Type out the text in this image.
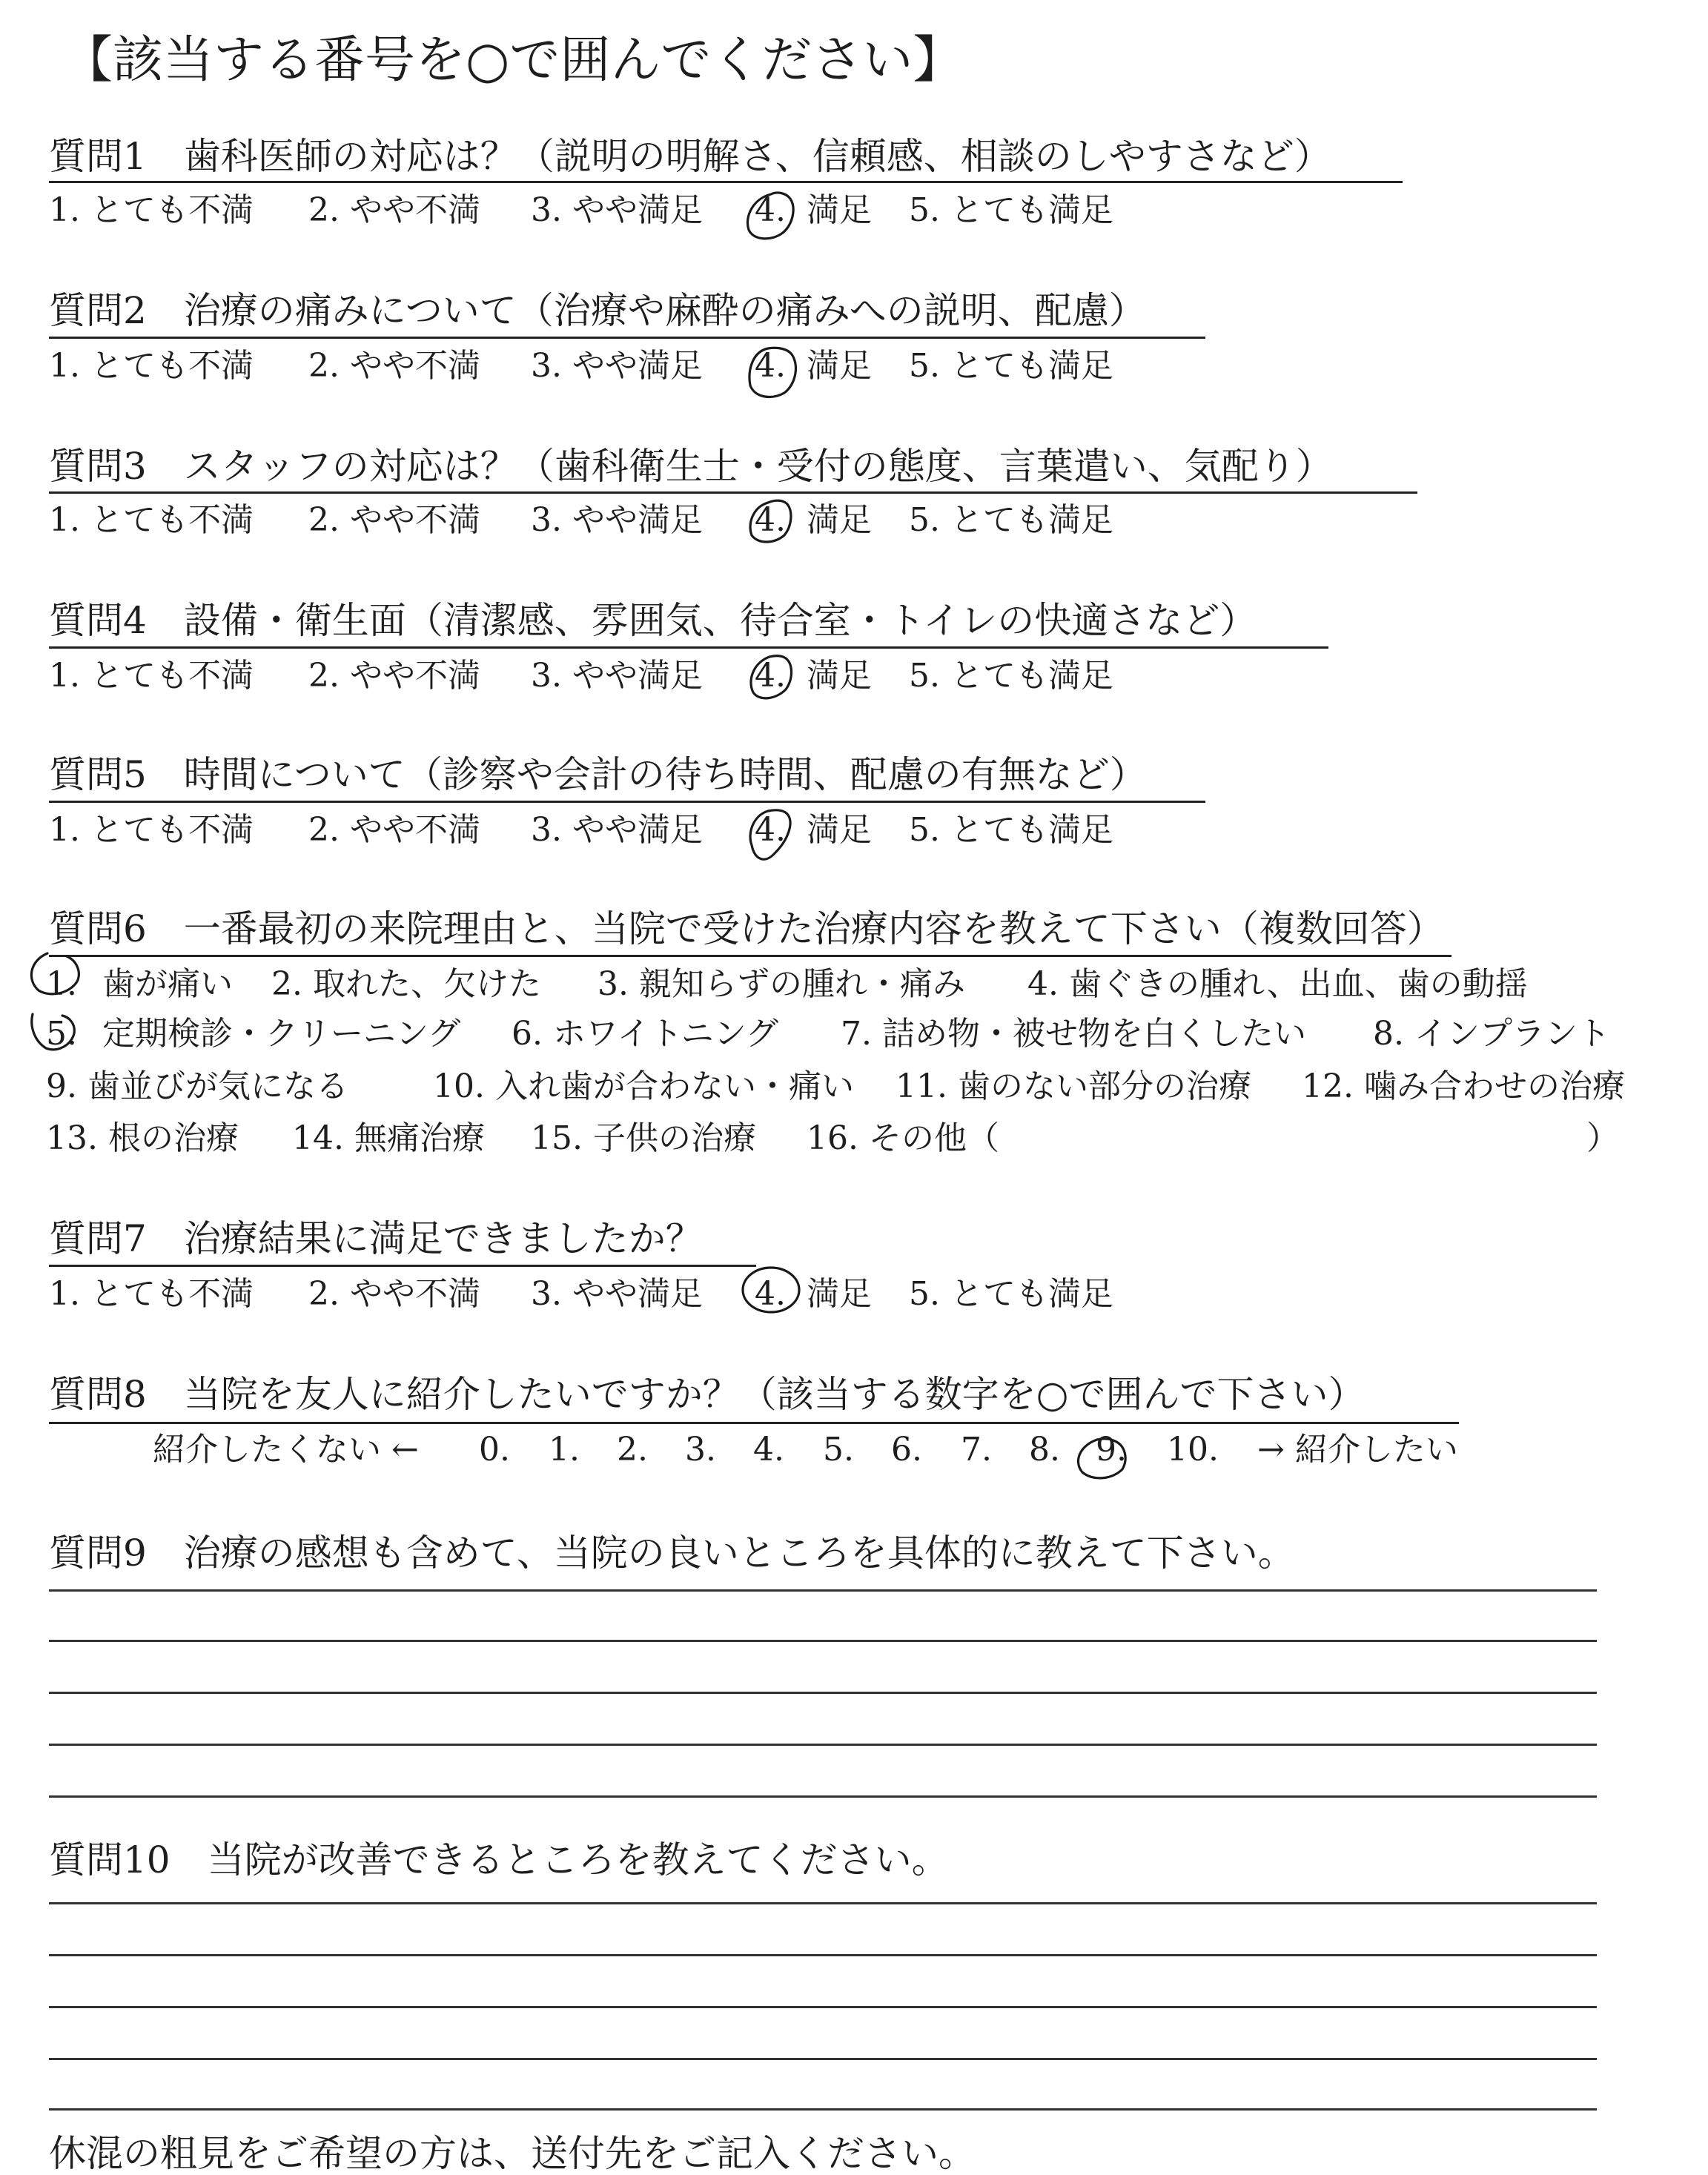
【該当する番号を○で囲んでください】
質問1　歯科医師の対応は？（説明の明解さ、信頼感、相談のしやすさなど）
1. とても不満 2. やや不満 3. やや満足 4. 満足 5. とても満足
質問2　治療の痛みについて（治療や麻酔の痛みへの説明、配慮）
1. とても不満 2. やや不満 3. やや満足 4. 満足 5. とても満足
質問3　スタッフの対応は？（歯科衛生士・受付の態度、言葉遣い、気配り）
1. とても不満 2. やや不満 3. やや満足 4. 満足 5. とても満足
質問4　設備・衛生面（清潔感、雰囲気、待合室・トイレの快適さなど）
1. とても不満 2. やや不満 3. やや満足 4. 満足 5. とても満足
質問5　時間について（診察や会計の待ち時間、配慮の有無など）
1. とても不満 2. やや不満 3. やや満足 4. 満足 5. とても満足
質問6　一番最初の来院理由と、当院で受けた治療内容を教えて下さい（複数回答）
1. 歯が痛い 2. 取れた、欠けた 3. 親知らずの腫れ・痛み 4. 歯ぐきの腫れ、出血、歯の動揺
5. 定期検診・クリーニング 6. ホワイトニング 7. 詰め物・被せ物を白くしたい 8. インプラント
9. 歯並びが気になる	10. 入れ歯が合わない・痛い 11. 歯のない部分の治療 12. 噛み合わせの治療
13. 根の治療 14. 無痛治療 15. 子供の治療 16. その他（	）
質問7　治療結果に満足できましたか？
1. とても不満 2. やや不満 3. やや満足 4. 満足 5. とても満足
質問8　当院を友人に紹介したいですか？（該当する数字を○で囲んで下さい）
紹介したくない ← 0. 1. 2. 3. 4. 5. 6. 7. 8. 9. 10. → 紹介したい
質問9　治療の感想も含めて、当院の良いところを具体的に教えて下さい。
質問10　当院が改善できるところを教えてください。
休混の粗見をご希望の方は、送付先をご記入ください。
